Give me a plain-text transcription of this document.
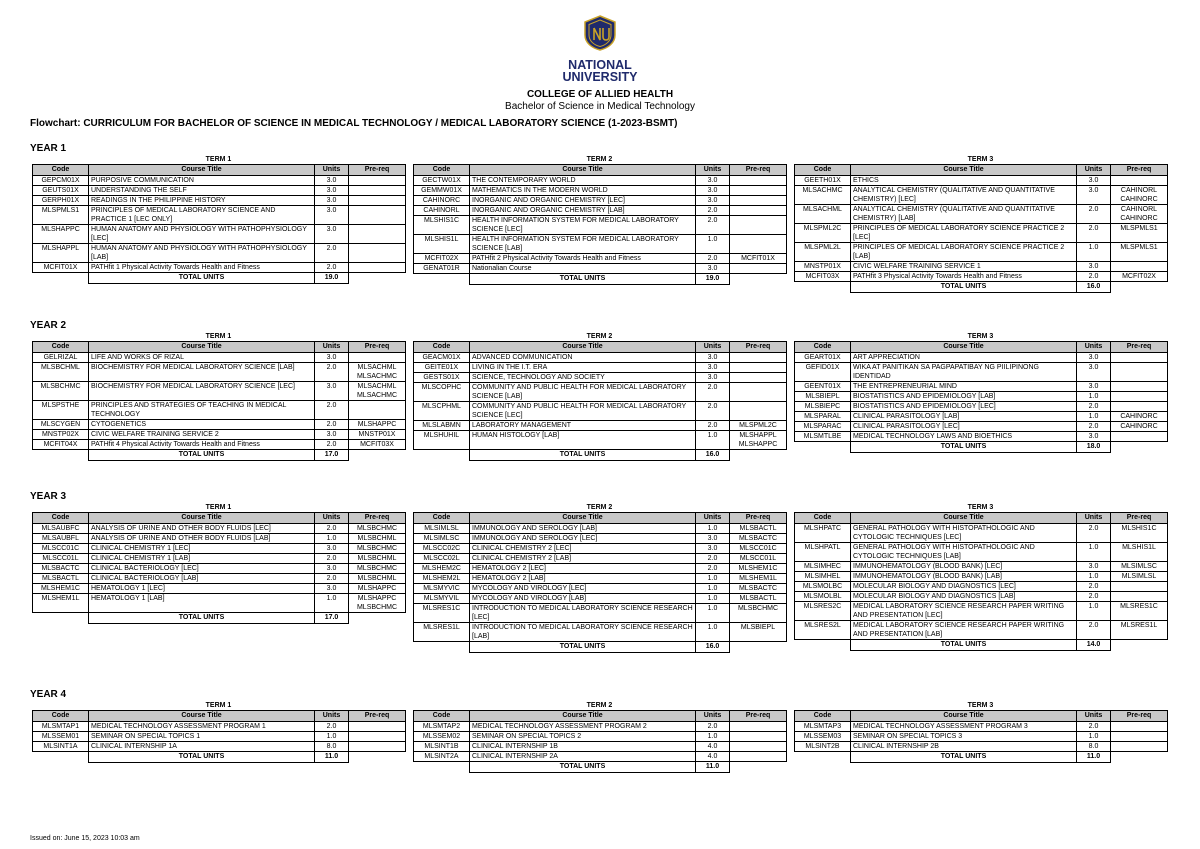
NATIONAL
UNIVERSITY
COLLEGE OF ALLIED HEALTH
Bachelor of Science in Medical Technology
Flowchart: CURRICULUM FOR BACHELOR OF SCIENCE IN MEDICAL TECHNOLOGY / MEDICAL LABORATORY SCIENCE (1-2023-BSMT)
YEAR 1
TERM 1
Code	Course Title	Units	Pre-req
GEPCM01X	PURPOSIVE COMMUNICATION	3.0	
GEUTS01X	UNDERSTANDING THE SELF	3.0	
GERPH01X	READINGS IN THE PHILIPPINE HISTORY	3.0	
MLSPMLS1	PRINCIPLES OF MEDICAL LABORATORY SCIENCE AND PRACTICE 1 [LEC ONLY]	3.0	
MLSHAPPC	HUMAN ANATOMY AND PHYSIOLOGY WITH PATHOPHYSIOLOGY [LEC]	3.0	
MLSHAPPL	HUMAN ANATOMY AND PHYSIOLOGY WITH PATHOPHYSIOLOGY [LAB]	2.0	
MCFIT01X	PATHfit 1 Physical Activity Towards Health and Fitness	2.0	
	TOTAL UNITS	19.0	
TERM 2
Code	Course Title	Units	Pre-req
GECTW01X	THE CONTEMPORARY WORLD	3.0	
GEMMW01X	MATHEMATICS IN THE MODERN WORLD	3.0	
CAHINORC	INORGANIC AND ORGANIC CHEMISTRY [LEC]	3.0	
CAHINORL	INORGANIC AND ORGANIC CHEMISTRY [LAB]	2.0	
MLSHIS1C	HEALTH INFORMATION SYSTEM FOR MEDICAL LABORATORY SCIENCE [LEC]	2.0	
MLSHIS1L	HEALTH INFORMATION SYSTEM FOR MEDICAL LABORATORY SCIENCE [LAB]	1.0	
MCFIT02X	PATHfit 2 Physical Activity Towards Health and Fitness	2.0	MCFIT01X
GENAT01R	Nationalian Course	3.0	
	TOTAL UNITS	19.0	
TERM 3
Code	Course Title	Units	Pre-req
GEETH01X	ETHICS	3.0	
MLSACHMC	ANALYTICAL CHEMISTRY (QUALITATIVE AND QUANTITATIVE CHEMISTRY) [LEC]	3.0	CAHINORL CAHINORC
MLSACHML	ANALYTICAL CHEMISTRY (QUALITATIVE AND QUANTITATIVE CHEMISTRY) [LAB]	2.0	CAHINORL CAHINORC
MLSPML2C	PRINCIPLES OF MEDICAL LABORATORY SCIENCE PRACTICE 2 [LEC]	2.0	MLSPMLS1
MLSPML2L	PRINCIPLES OF MEDICAL LABORATORY SCIENCE PRACTICE 2 [LAB]	1.0	MLSPMLS1
MNSTP01X	CIVIC WELFARE TRAINING SERVICE 1	3.0	
MCFIT03X	PATHfit 3 Physical Activity Towards Health and Fitness	2.0	MCFIT02X
	TOTAL UNITS	16.0	
YEAR 2
TERM 1
Code	Course Title	Units	Pre-req
GELRIZAL	LIFE AND WORKS OF RIZAL	3.0	
MLSBCHML	BIOCHEMISTRY FOR MEDICAL LABORATORY SCIENCE [LAB]	2.0	MLSACHML MLSACHMC
MLSBCHMC	BIOCHEMISTRY FOR MEDICAL LABORATORY SCIENCE [LEC]	3.0	MLSACHML MLSACHMC
MLSPSTHE	PRINCIPLES AND STRATEGIES OF TEACHING IN MEDICAL TECHNOLOGY	2.0	
MLSCYGEN	CYTOGENETICS	2.0	MLSHAPPC
MNSTP02X	CIVIC WELFARE TRAINING SERVICE 2	3.0	MNSTP01X
MCFIT04X	PATHfit 4 Physical Activity Towards Health and Fitness	2.0	MCFIT03X
	TOTAL UNITS	17.0	
TERM 2
Code	Course Title	Units	Pre-req
GEACM01X	ADVANCED COMMUNICATION	3.0	
GEITE01X	LIVING IN THE I.T. ERA	3.0	
GESTS01X	SCIENCE, TECHNOLOGY AND SOCIETY	3.0	
MLSCOPHC	COMMUNITY AND PUBLIC HEALTH FOR MEDICAL LABORATORY SCIENCE [LAB]	2.0	
MLSCPHML	COMMUNITY AND PUBLIC HEALTH FOR MEDICAL LABORATORY SCIENCE [LEC]	2.0	
MLSLABMN	LABORATORY MANAGEMENT	2.0	MLSPML2C
MLSHUHIL	HUMAN HISTOLOGY [LAB]	1.0	MLSHAPPL MLSHAPPC
	TOTAL UNITS	16.0	
TERM 3
Code	Course Title	Units	Pre-req
GEART01X	ART APPRECIATION	3.0	
GEFID01X	WIKA AT PANITIKAN SA PAGPAPATIBAY NG PIILIPINONG IDENTIDAD	3.0	
GEENT01X	THE ENTREPRENEURIAL MIND	3.0	
MLSBIEPL	BIOSTATISTICS AND EPIDEMIOLOGY [LAB]	1.0	
MLSBIEPC	BIOSTATISTICS AND EPIDEMIOLOGY [LEC]	2.0	
MLSPARAL	CLINICAL PARASITOLOGY [LAB]	1.0	CAHINORC
MLSPARAC	CLINICAL PARASITOLOGY [LEC]	2.0	CAHINORC
MLSMTLBE	MEDICAL TECHNOLOGY LAWS AND BIOETHICS	3.0	
	TOTAL UNITS	18.0	
YEAR 3
TERM 1
Code	Course Title	Units	Pre-req
MLSAUBFC	ANALYSIS OF URINE AND OTHER BODY FLUIDS [LEC]	2.0	MLSBCHMC
MLSAUBFL	ANALYSIS OF URINE AND OTHER BODY FLUIDS [LAB]	1.0	MLSBCHML
MLSCC01C	CLINICAL CHEMISTRY 1 [LEC]	3.0	MLSBCHMC
MLSCC01L	CLINICAL CHEMISTRY 1 [LAB]	2.0	MLSBCHML
MLSBACTC	CLINICAL BACTERIOLOGY [LEC]	3.0	MLSBCHMC
MLSBACTL	CLINICAL BACTERIOLOGY [LAB]	2.0	MLSBCHML
MLSHEM1C	HEMATOLOGY 1 [LEC]	3.0	MLSHAPPC
MLSHEM1L	HEMATOLOGY 1 [LAB]	1.0	MLSHAPPC MLSBCHMC
	TOTAL UNITS	17.0	
TERM 2
Code	Course Title	Units	Pre-req
MLSIMLSL	IMMUNOLOGY AND SEROLOGY [LAB]	1.0	MLSBACTL
MLSIMLSC	IMMUNOLOGY AND SEROLOGY [LEC]	3.0	MLSBACTC
MLSCC02C	CLINICAL CHEMISTRY 2 [LEC]	3.0	MLSCC01C
MLSCC02L	CLINICAL CHEMISTRY 2 [LAB]	2.0	MLSCC01L
MLSHEM2C	HEMATOLOGY 2 [LEC]	2.0	MLSHEM1C
MLSHEM2L	HEMATOLOGY 2 [LAB]	1.0	MLSHEM1L
MLSMYVIC	MYCOLOGY AND VIROLOGY [LEC]	1.0	MLSBACTC
MLSMYVIL	MYCOLOGY AND VIROLOGY [LAB]	1.0	MLSBACTL
MLSRES1C	INTRODUCTION TO MEDICAL LABORATORY SCIENCE RESEARCH [LEC]	1.0	MLSBCHMC
MLSRES1L	INTRODUCTION TO MEDICAL LABORATORY SCIENCE RESEARCH [LAB]	1.0	MLSBIEPL
	TOTAL UNITS	16.0	
TERM 3
Code	Course Title	Units	Pre-req
MLSHPATC	GENERAL PATHOLOGY WITH HISTOPATHOLOGIC AND CYTOLOGIC TECHNIQUES [LEC]	2.0	MLSHIS1C
MLSHPATL	GENERAL PATHOLOGY WITH HISTOPATHOLOGIC AND CYTOLOGIC TECHNIQUES [LAB]	1.0	MLSHIS1L
MLSIMHEC	IMMUNOHEMATOLOGY (BLOOD BANK) [LEC]	3.0	MLSIMLSC
MLSIMHEL	IMMUNOHEMATOLOGY (BLOOD BANK) [LAB]	1.0	MLSIMLSL
MLSMOLBC	MOLECULAR BIOLOGY AND DIAGNOSTICS [LEC]	2.0	
MLSMOLBL	MOLECULAR BIOLOGY AND DIAGNOSTICS [LAB]	2.0	
MLSRES2C	MEDICAL LABORATORY SCIENCE RESEARCH PAPER WRITING AND PRESENTATION [LEC]	1.0	MLSRES1C
MLSRES2L	MEDICAL LABORATORY SCIENCE RESEARCH PAPER WRITING AND PRESENTATION [LAB]	2.0	MLSRES1L
	TOTAL UNITS	14.0	
YEAR 4
TERM 1
Code	Course Title	Units	Pre-req
MLSMTAP1	MEDICAL TECHNOLOGY ASSESSMENT PROGRAM 1	2.0	
MLSSEM01	SEMINAR ON SPECIAL TOPICS 1	1.0	
MLSINT1A	CLINICAL INTERNSHIP 1A	8.0	
	TOTAL UNITS	11.0	
TERM 2
Code	Course Title	Units	Pre-req
MLSMTAP2	MEDICAL TECHNOLOGY ASSESSMENT PROGRAM 2	2.0	
MLSSEM02	SEMINAR ON SPECIAL TOPICS 2	1.0	
MLSINT1B	CLINICAL INTERNSHIP 1B	4.0	
MLSINT2A	CLINICAL INTERNSHIP 2A	4.0	
	TOTAL UNITS	11.0	
TERM 3
Code	Course Title	Units	Pre-req
MLSMTAP3	MEDICAL TECHNOLOGY ASSESSMENT PROGRAM 3	2.0	
MLSSEM03	SEMINAR ON SPECIAL TOPICS 3	1.0	
MLSINT2B	CLINICAL INTERNSHIP 2B	8.0	
	TOTAL UNITS	11.0	
Issued on: June 15, 2023 10:03 am
